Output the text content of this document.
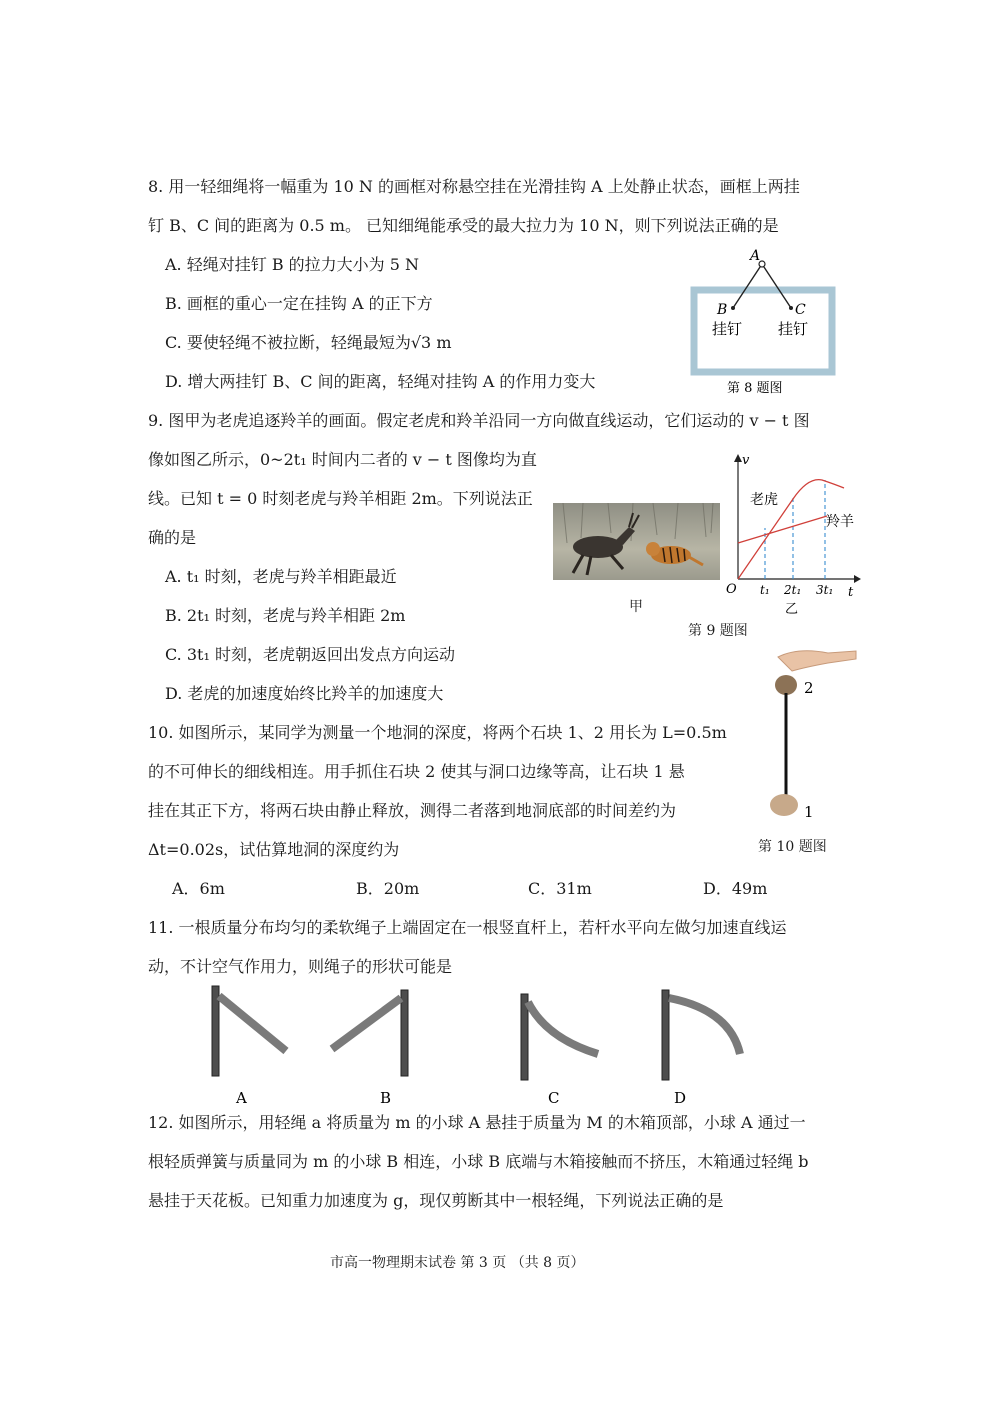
8. 用一轻细绳将一幅重为 10 N 的画框对称悬空挂在光滑挂钩 A 上处静止状态，画框上两挂
钉 B、C 间的距离为 0.5 m。 已知细绳能承受的最大拉力为 10 N，则下列说法正确的是
A. 轻绳对挂钉 B 的拉力大小为 5 N
B. 画框的重心一定在挂钩 A 的正下方
C. 要使轻绳不被拉断，轻绳最短为√3 m
D. 增大两挂钉 B、C 间的距离，轻绳对挂钩 A 的作用力变大
A
B	C
挂钉 挂钉
第 8 题图
9. 图甲为老虎追逐羚羊的画面。假定老虎和羚羊沿同一方向做直线运动，它们运动的 v − t 图
像如图乙所示，0~2t₁ 时间内二者的 v − t 图像均为直
线。已知 t = 0 时刻老虎与羚羊相距 2m。下列说法正
确的是
A. t₁ 时刻，老虎与羚羊相距最近
B. 2t₁ 时刻，老虎与羚羊相距 2m
C. 3t₁ 时刻，老虎朝返回出发点方向运动
D. 老虎的加速度始终比羚羊的加速度大
甲
v
t
O t₁ 2t₁ 3t₁
老虎
羚羊
乙
第 9 题图
10. 如图所示，某同学为测量一个地洞的深度，将两个石块 1、2 用长为 L=0.5m
的不可伸长的细线相连。用手抓住石块 2 使其与洞口边缘等高，让石块 1 悬
挂在其正下方，将两石块由静止释放，测得二者落到地洞底部的时间差约为
Δt=0.02s，试估算地洞的深度约为
A．6m	B．20m	C．31m	D．49m
2
1
第 10 题图
11. 一根质量分布均匀的柔软绳子上端固定在一根竖直杆上，若杆水平向左做匀加速直线运
动，不计空气作用力，则绳子的形状可能是
A	B	C	D
12. 如图所示，用轻绳 a 将质量为 m 的小球 A 悬挂于质量为 M 的木箱顶部，小球 A 通过一
根轻质弹簧与质量同为 m 的小球 B 相连，小球 B 底端与木箱接触而不挤压，木箱通过轻绳 b
悬挂于天花板。已知重力加速度为 g，现仅剪断其中一根轻绳，下列说法正确的是
市高一物理期末试卷 第 3 页 （共 8 页）
